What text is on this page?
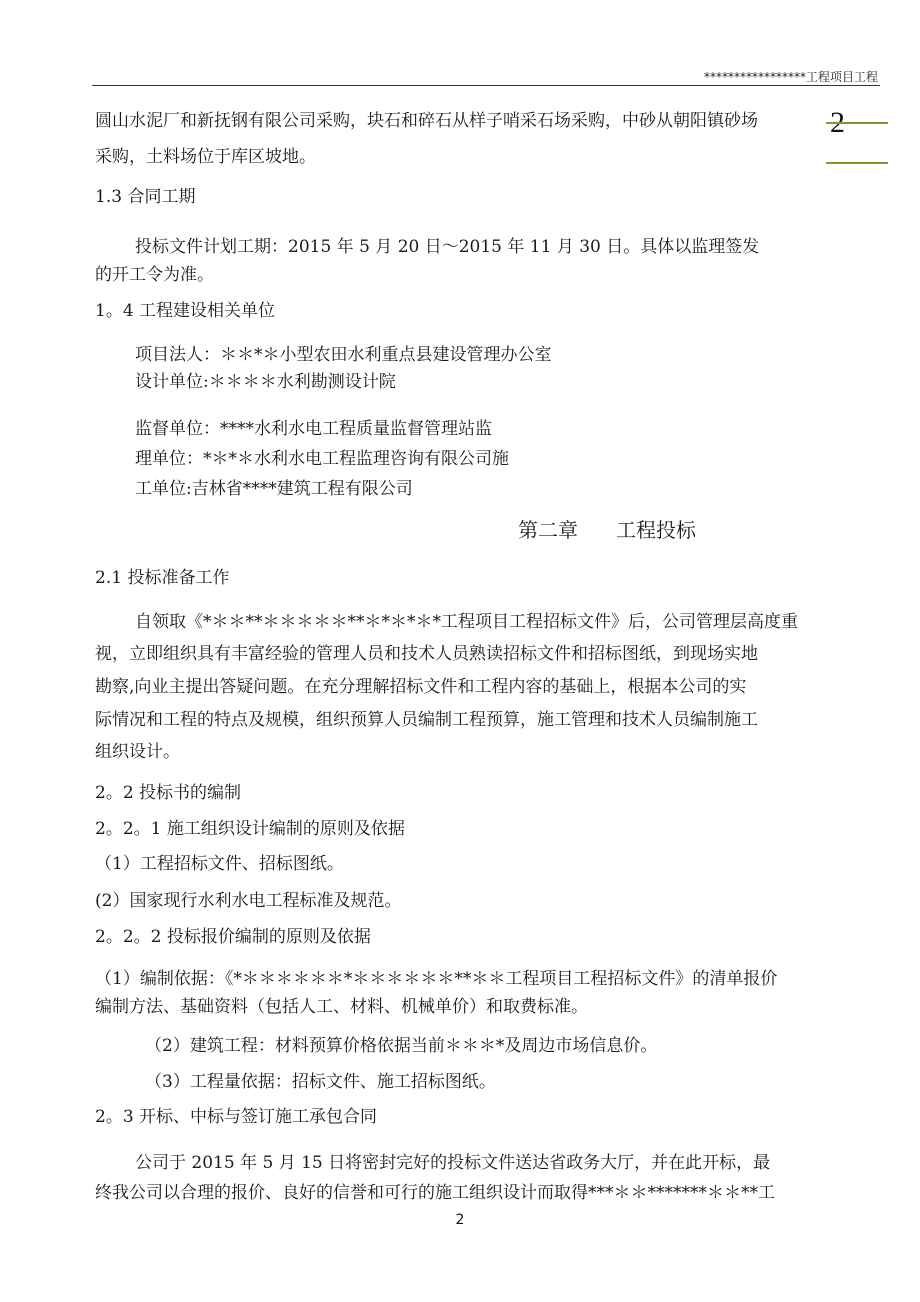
*****************工程项目工程
2
圆山水泥厂和新抚钢有限公司采购，块石和碎石从样子哨采石场采购，中砂从朝阳镇砂场
采购，土料场位于库区坡地。
1.3 合同工期
投标文件计划工期：2015 年 5 月 20 日～2015 年 11 月 30 日。具体以监理签发
的开工令为准。
1。4 工程建设相关单位
项目法人：＊＊*＊小型农田水利重点县建设管理办公室
设计单位:＊＊＊＊水利勘测设计院
监督单位：****水利水电工程质量监督管理站监
理单位：*＊*＊水利水电工程监理咨询有限公司施
工单位:吉林省****建筑工程有限公司
第二章 工程投标
2.1 投标准备工作
自领取《*＊＊**＊＊＊＊＊**＊*＊*＊*工程项目工程招标文件》后，公司管理层高度重
视，立即组织具有丰富经验的管理人员和技术人员熟读招标文件和招标图纸，到现场实地
勘察,向业主提出答疑问题。在充分理解招标文件和工程内容的基础上，根据本公司的实
际情况和工程的特点及规模，组织预算人员编制工程预算，施工管理和技术人员编制施工
组织设计。
2。2 投标书的编制
2。2。1 施工组织设计编制的原则及依据
（1）工程招标文件、招标图纸。
(2）国家现行水利水电工程标准及规范。
2。2。2 投标报价编制的原则及依据
（1）编制依据：《*＊＊＊＊＊＊*＊＊＊＊＊＊**＊＊工程项目工程招标文件》的清单报价
编制方法、基础资料（包括人工、材料、机械单价）和取费标准。
（2）建筑工程：材料预算价格依据当前＊＊＊*及周边市场信息价。
（3）工程量依据：招标文件、施工招标图纸。
2。3 开标、中标与签订施工承包合同
公司于 2015 年 5 月 15 日将密封完好的投标文件送达省政务大厅，并在此开标，最
终我公司以合理的报价、良好的信誉和可行的施工组织设计而取得***＊＊*******＊＊**工
2
